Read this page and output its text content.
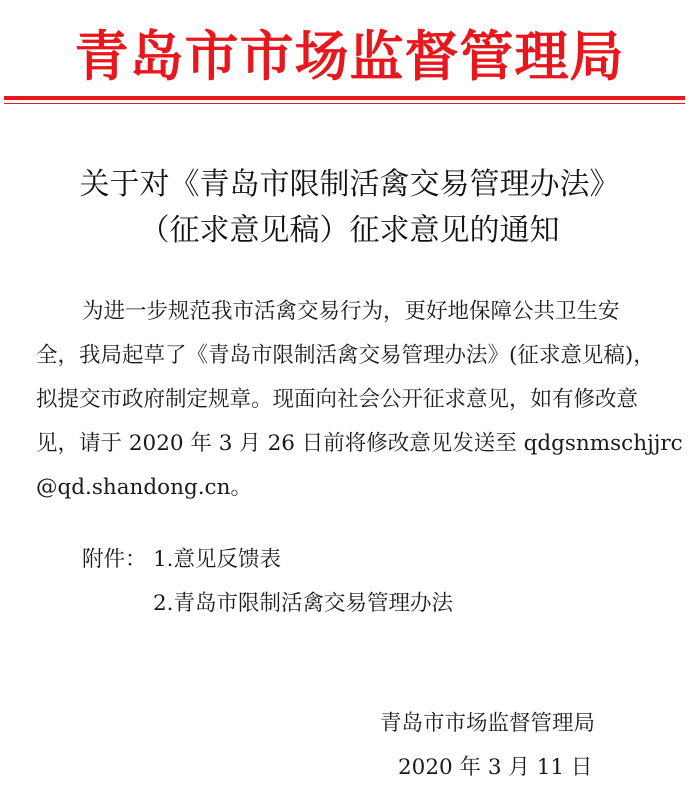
青岛市市场监督管理局
关于对《青岛市限制活禽交易管理办法》
（征求意见稿）征求意见的通知
为进一步规范我市活禽交易行为，更好地保障公共卫生安
全，我局起草了《青岛市限制活禽交易管理办法》(征求意见稿)，
拟提交市政府制定规章。现面向社会公开征求意见，如有修改意
见，请于 2020 年 3 月 26 日前将修改意见发送至 qdgsnmschjjrc
@qd.shandong.cn。
附件： 1.意见反馈表
2.青岛市限制活禽交易管理办法
青岛市市场监督管理局
2020 年 3 月 11 日
